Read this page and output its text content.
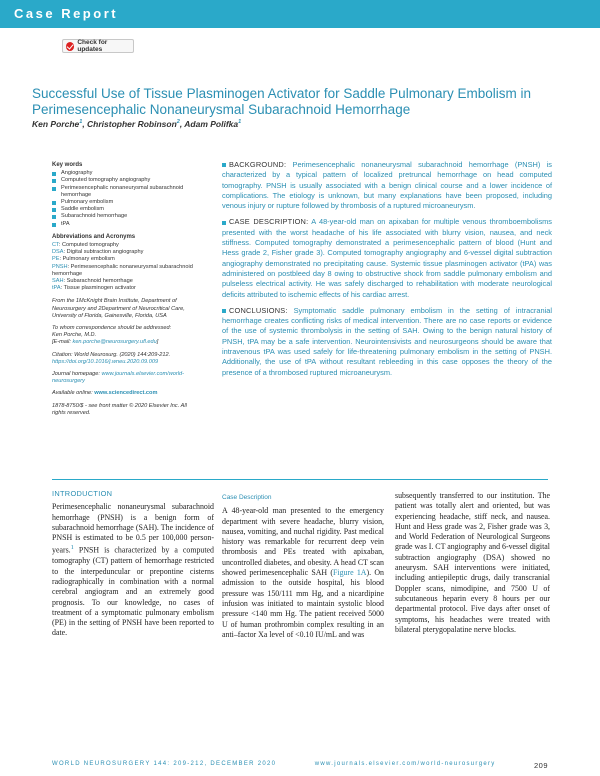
Case Report
Check for updates
Successful Use of Tissue Plasminogen Activator for Saddle Pulmonary Embolism in Perimesencephalic Nonaneurysmal Subarachnoid Hemorrhage
Ken Porche$^1$, Christopher Robinson$^2$, Adam Polifka$^1$
Key words
Angiography
Computed tomography angiography
Perimesencephalic nonaneurysmal subarachnoid hemorrhage
Pulmonary embolism
Saddle embolism
Subarachnoid hemorrhage
tPA
Abbreviations and Acronyms
CT: Computed tomography
DSA: Digital subtraction angiography
PE: Pulmonary embolism
PNSH: Perimesencephalic nonaneurysmal subarachnoid hemorrhage
SAH: Subarachnoid hemorrhage
tPA: Tissue plasminogen activator
From the 1McKnight Brain Institute, Department of Neurosurgery and 2Department of Neurocritical Care, University of Florida, Gainesville, Florida, USA
To whom correspondence should be addressed:
Ken Porche, M.D.
[E-mail: ken.porche@neurosurgery.ufl.edu]
Citation: World Neurosurg. (2020) 144:209-212.
https://doi.org/10.1016/j.wneu.2020.09.009
Journal homepage: www.journals.elsevier.com/world-neurosurgery
Available online: www.sciencedirect.com
1878-8750/$ - see front matter © 2020 Elsevier Inc. All rights reserved.

BACKGROUND: Perimesencephalic nonaneurysmal subarachnoid hemorrhage (PNSH) is characterized by a typical pattern of localized pretruncal hemorrhage on head computed tomography. PNSH is usually associated with a benign clinical course and a lower incidence of complications. The etiology is unknown, but many explanations have been proposed, including venous injury or rupture followed by thrombosis of a ruptured microaneurysm.

CASE DESCRIPTION: A 48-year-old man on apixaban for multiple venous thromboembolisms presented with the worst headache of his life associated with blurry vision, nausea, and neck stiffness. Computed tomography demonstrated a perimesencephalic pattern of blood (Hunt and Hess grade 2, Fisher grade 3). Computed tomography angiography and 6-vessel digital subtraction angiography demonstrated no precipitating cause. Systemic tissue plasminogen activator (tPA) was administered on postbleed day 8 owing to obstructive shock from saddle pulmonary embolism and pulseless electrical activity. He was safely discharged to rehabilitation with moderate neurological deficits attributed to ischemic effects of his cardiac arrest.

CONCLUSIONS: Symptomatic saddle pulmonary embolism in the setting of intracranial hemorrhage creates conflicting risks of medical intervention. There are no case reports or evidence of the use of systemic thrombolysis in the setting of SAH. Owing to the benign natural history of PNSH, tPA may be a safe intervention. Neurointensivists and neurosurgeons should be aware that intravenous tPA was used safely for life-threatening pulmonary embolism in the setting of PNSH. Additionally, the use of tPA without resultant rebleeding in this case opposes the theory of the presence of a thrombosed ruptured microaneurysm.

INTRODUCTION
Perimesencephalic nonaneurysmal subarachnoid hemorrhage (PNSH) is a benign form of subarachnoid hemorrhage (SAH). The incidence of PNSH is estimated to be 0.5 per 100,000 person-years.$^1$ PNSH is characterized by a computed tomography (CT) pattern of hemorrhage restricted to the interpeduncular or prepontine cisterns radiographically in combination with a normal cerebral angiogram and an extremely good prognosis. To our knowledge, no cases of treatment of a symptomatic pulmonary embolism (PE) in the setting of PNSH have been reported to date.
Case Description
A 48-year-old man presented to the emergency department with severe headache, blurry vision, nausea, vomiting, and nuchal rigidity. Past medical history was remarkable for recurrent deep vein thrombosis and PEs treated with apixaban, uncontrolled diabetes, and obesity. A head CT scan showed perimesencephalic SAH (Figure 1A). On admission to the outside hospital, his blood pressure was 150/111 mm Hg, and a nicardipine infusion was initiated to maintain systolic blood pressure <140 mm Hg. The patient received 5000 U of human prothrombin complex resulting in an anti–factor Xa level of <0.10 IU/mL and was
subsequently transferred to our institution. The patient was totally alert and oriented, but was experiencing headache, stiff neck, and nausea. Hunt and Hess grade was 2, Fisher grade was 3, and World Federation of Neurological Surgeons grade was I. CT angiography and 6-vessel digital subtraction angiography (DSA) showed no aneurysm. SAH interventions were initiated, including antiepileptic drugs, daily transcranial Doppler scans, nimodipine, and 7500 U of subcutaneous heparin every 8 hours per our departmental protocol. Five days after onset of symptoms, his headaches were treated with bilateral pterygopalatine nerve blocks.
WORLD NEUROSURGERY 144: 209-212, DECEMBER 2020	www.journals.elsevier.com/world-neurosurgery	209
